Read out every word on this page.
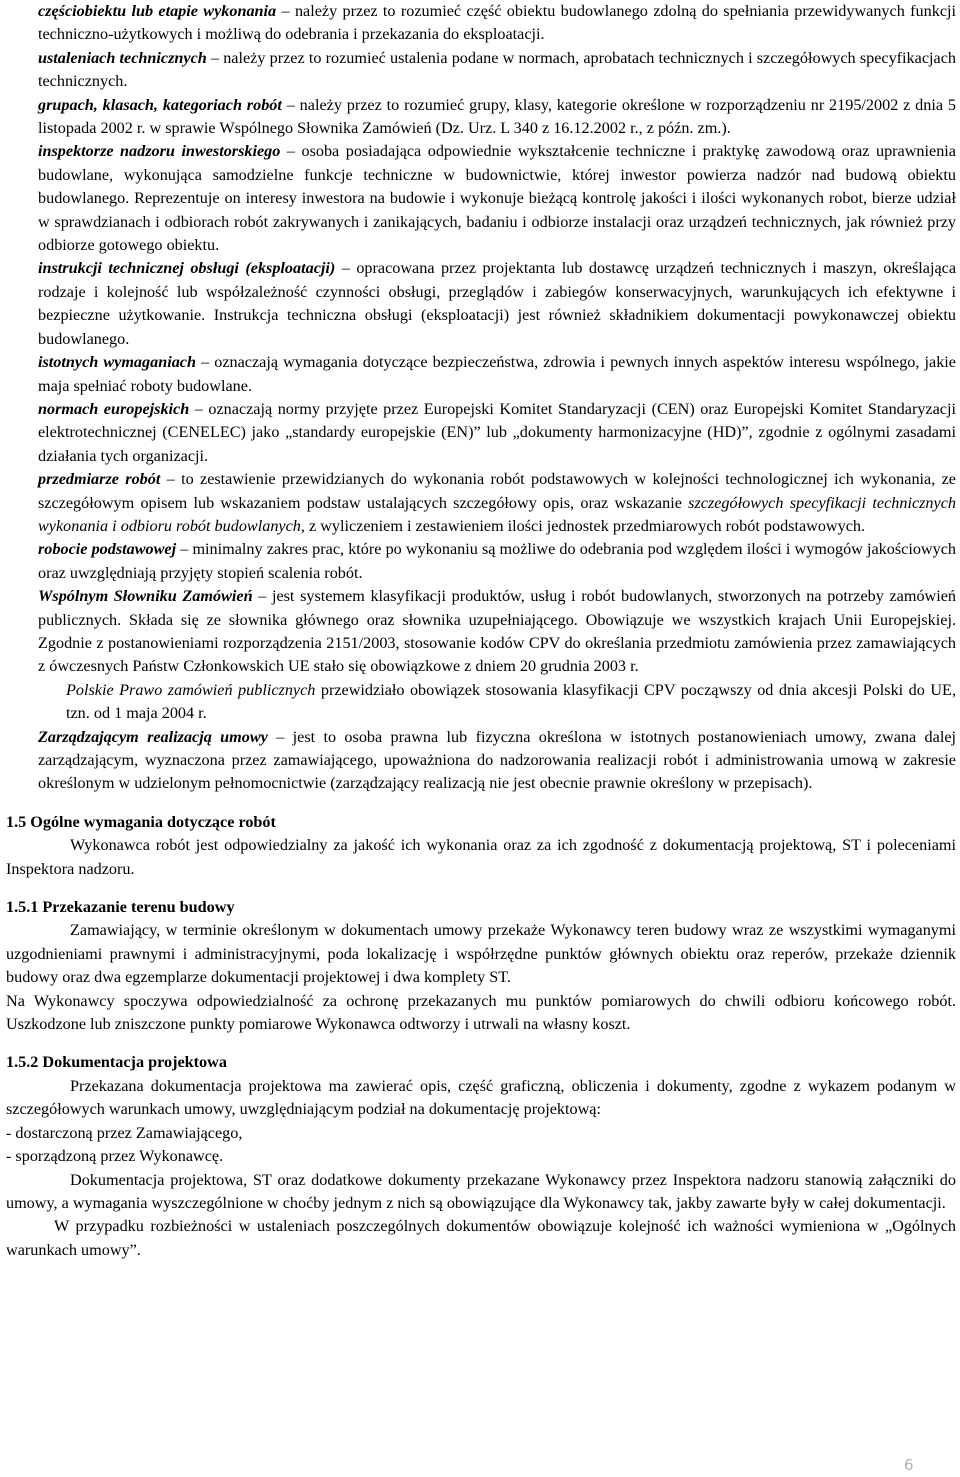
częściobiektu lub etapie wykonania – należy przez to rozumieć część obiektu budowlanego zdolną do spełniania przewidywanych funkcji techniczno-użytkowych i możliwą do odebrania i przekazania do eksploatacji.

ustaleniach technicznych – należy przez to rozumieć ustalenia podane w normach, aprobatach technicznych i szczegółowych specyfikacjach technicznych.

grupach, klasach, kategoriach robót – należy przez to rozumieć grupy, klasy, kategorie określone w rozporządzeniu nr 2195/2002 z dnia 5 listopada 2002 r. w sprawie Wspólnego Słownika Zamówień (Dz. Urz. L 340 z 16.12.2002 r., z późn. zm.).

inspektorze nadzoru inwestorskiego – osoba posiadająca odpowiednie wykształcenie techniczne i praktykę zawodową oraz uprawnienia budowlane, wykonująca samodzielne funkcje techniczne w budownictwie, której inwestor powierza nadzór nad budową obiektu budowlanego. Reprezentuje on interesy inwestora na budowie i wykonuje bieżącą kontrolę jakości i ilości wykonanych robot, bierze udział w sprawdzianach i odbiorach robót zakrywanych i zanikających, badaniu i odbiorze instalacji oraz urządzeń technicznych, jak również przy odbiorze gotowego obiektu.

instrukcji technicznej obsługi (eksploatacji) – opracowana przez projektanta lub dostawcę urządzeń technicznych i maszyn, określająca rodzaje i kolejność lub współzależność czynności obsługi, przeglądów i zabiegów konserwacyjnych, warunkujących ich efektywne i bezpieczne użytkowanie. Instrukcja techniczna obsługi (eksploatacji) jest również składnikiem dokumentacji powykonawczej obiektu budowlanego.

istotnych wymaganiach – oznaczają wymagania dotyczące bezpieczeństwa, zdrowia i pewnych innych aspektów interesu wspólnego, jakie maja spełniać roboty budowlane.

normach europejskich – oznaczają normy przyjęte przez Europejski Komitet Standaryzacji (CEN) oraz Europejski Komitet Standaryzacji elektrotechnicznej (CENELEC) jako „standardy europejskie (EN)” lub „dokumenty harmonizacyjne (HD)”, zgodnie z ogólnymi zasadami działania tych organizacji.

przedmiarze robót – to zestawienie przewidzianych do wykonania robót podstawowych w kolejności technologicznej ich wykonania, ze szczegółowym opisem lub wskazaniem podstaw ustalających szczegółowy opis, oraz wskazanie szczegółowych specyfikacji technicznych wykonania i odbioru robót budowlanych, z wyliczeniem i zestawieniem ilości jednostek przedmiarowych robót podstawowych.

robocie podstawowej – minimalny zakres prac, które po wykonaniu są możliwe do odebrania pod względem ilości i wymogów jakościowych oraz uwzględniają przyjęty stopień scalenia robót.

Wspólnym Słowniku Zamówień – jest systemem klasyfikacji produktów, usług i robót budowlanych, stworzonych na potrzeby zamówień publicznych. Składa się ze słownika głównego oraz słownika uzupełniającego. Obowiązuje we wszystkich krajach Unii Europejskiej. Zgodnie z postanowieniami rozporządzenia 2151/2003, stosowanie kodów CPV do określania przedmiotu zamówienia przez zamawiających z ówczesnych Państw Członkowskich UE stało się obowiązkowe z dniem 20 grudnia 2003 r.

Polskie Prawo zamówień publicznych przewidziało obowiązek stosowania klasyfikacji CPV począwszy od dnia akcesji Polski do UE, tzn. od 1 maja 2004 r.

Zarządzającym realizacją umowy – jest to osoba prawna lub fizyczna określona w istotnych postanowieniach umowy, zwana dalej zarządzającym, wyznaczona przez zamawiającego, upoważniona do nadzorowania realizacji robót i administrowania umową w zakresie określonym w udzielonym pełnomocnictwie (zarządzający realizacją nie jest obecnie prawnie określony w przepisach).

1.5 Ogólne wymagania dotyczące robót

Wykonawca robót jest odpowiedzialny za jakość ich wykonania oraz za ich zgodność z dokumentacją projektową, ST i poleceniami Inspektora nadzoru.

1.5.1 Przekazanie terenu budowy

Zamawiający, w terminie określonym w dokumentach umowy przekaże Wykonawcy teren budowy wraz ze wszystkimi wymaganymi uzgodnieniami prawnymi i administracyjnymi, poda lokalizację i współrzędne punktów głównych obiektu oraz reperów, przekaże dziennik budowy oraz dwa egzemplarze dokumentacji projektowej i dwa komplety ST.

Na Wykonawcy spoczywa odpowiedzialność za ochronę przekazanych mu punktów pomiarowych do chwili odbioru końcowego robót. Uszkodzone lub zniszczone punkty pomiarowe Wykonawca odtworzy i utrwali na własny koszt.

1.5.2 Dokumentacja projektowa

Przekazana dokumentacja projektowa ma zawierać opis, część graficzną, obliczenia i dokumenty, zgodne z wykazem podanym w szczegółowych warunkach umowy, uwzględniającym podział na dokumentację projektową:

- dostarczoną przez Zamawiającego,

- sporządzoną przez Wykonawcę.

Dokumentacja projektowa, ST oraz dodatkowe dokumenty przekazane Wykonawcy przez Inspektora nadzoru stanowią załączniki do umowy, a wymagania wyszczególnione w choćby jednym z nich są obowiązujące dla Wykonawcy tak, jakby zawarte były w całej dokumentacji.

W przypadku rozbieżności w ustaleniach poszczególnych dokumentów obowiązuje kolejność ich ważności wymieniona w „Ogólnych warunkach umowy”.

6
